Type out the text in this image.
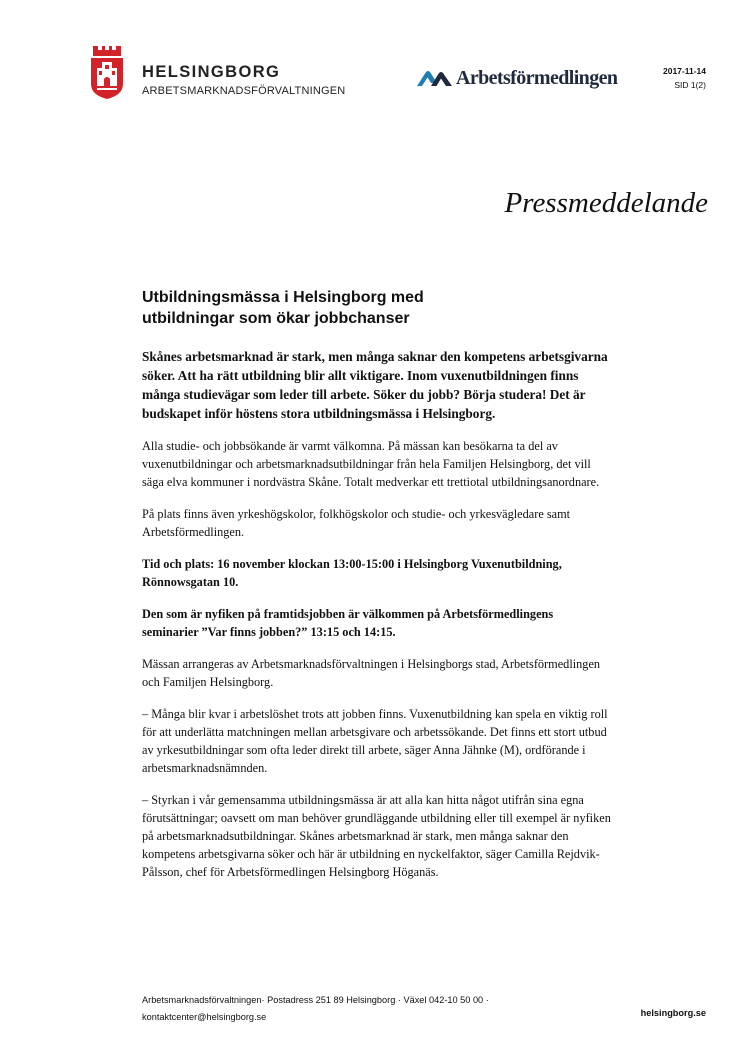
HELSINGBORG
ARBETSMARKNADSFÖRVALTNINGEN
Arbetsförmedlingen	2017-11-14
SID 1(2)
Pressmeddelande
Utbildningsmässa i Helsingborg med
utbildningar som ökar jobbchanser

Skånes arbetsmarknad är stark, men många saknar den kompetens arbetsgivarna söker. Att ha rätt utbildning blir allt viktigare. Inom vuxenutbildningen finns många studievägar som leder till arbete. Söker du jobb? Börja studera! Det är budskapet inför höstens stora utbildningsmässa i Helsingborg.

Alla studie- och jobbsökande är varmt välkomna. På mässan kan besökarna ta del av vuxenutbildningar och arbetsmarknadsutbildningar från hela Familjen Helsingborg, det vill säga elva kommuner i nordvästra Skåne. Totalt medverkar ett trettiotal utbildningsanordnare.

På plats finns även yrkeshögskolor, folkhögskolor och studie- och yrkesvägledare samt Arbetsförmedlingen.

Tid och plats: 16 november klockan 13:00-15:00 i Helsingborg Vuxenutbildning, Rönnowsgatan 10.

Den som är nyfiken på framtidsjobben är välkommen på Arbetsförmedlingens seminarier ”Var finns jobben?” 13:15 och 14:15.

Mässan arrangeras av Arbetsmarknadsförvaltningen i Helsingborgs stad, Arbetsförmedlingen och Familjen Helsingborg.

– Många blir kvar i arbetslöshet trots att jobben finns. Vuxenutbildning kan spela en viktig roll för att underlätta matchningen mellan arbetsgivare och arbetssökande. Det finns ett stort utbud av yrkesutbildningar som ofta leder direkt till arbete, säger Anna Jähnke (M), ordförande i arbetsmarknadsnämnden.

– Styrkan i vår gemensamma utbildningsmässa är att alla kan hitta något utifrån sina egna förutsättningar; oavsett om man behöver grundläggande utbildning eller till exempel är nyfiken på arbetsmarknadsutbildningar. Skånes arbetsmarknad är stark, men många saknar den kompetens arbetsgivarna söker och här är utbildning en nyckelfaktor, säger Camilla Rejdvik-Pålsson, chef för Arbetsförmedlingen Helsingborg Höganäs.

Arbetsmarknadsförvaltningen· Postadress 251 89 Helsingborg · Växel 042-10 50 00 ·
kontaktcenter@helsingborg.se	helsingborg.se
